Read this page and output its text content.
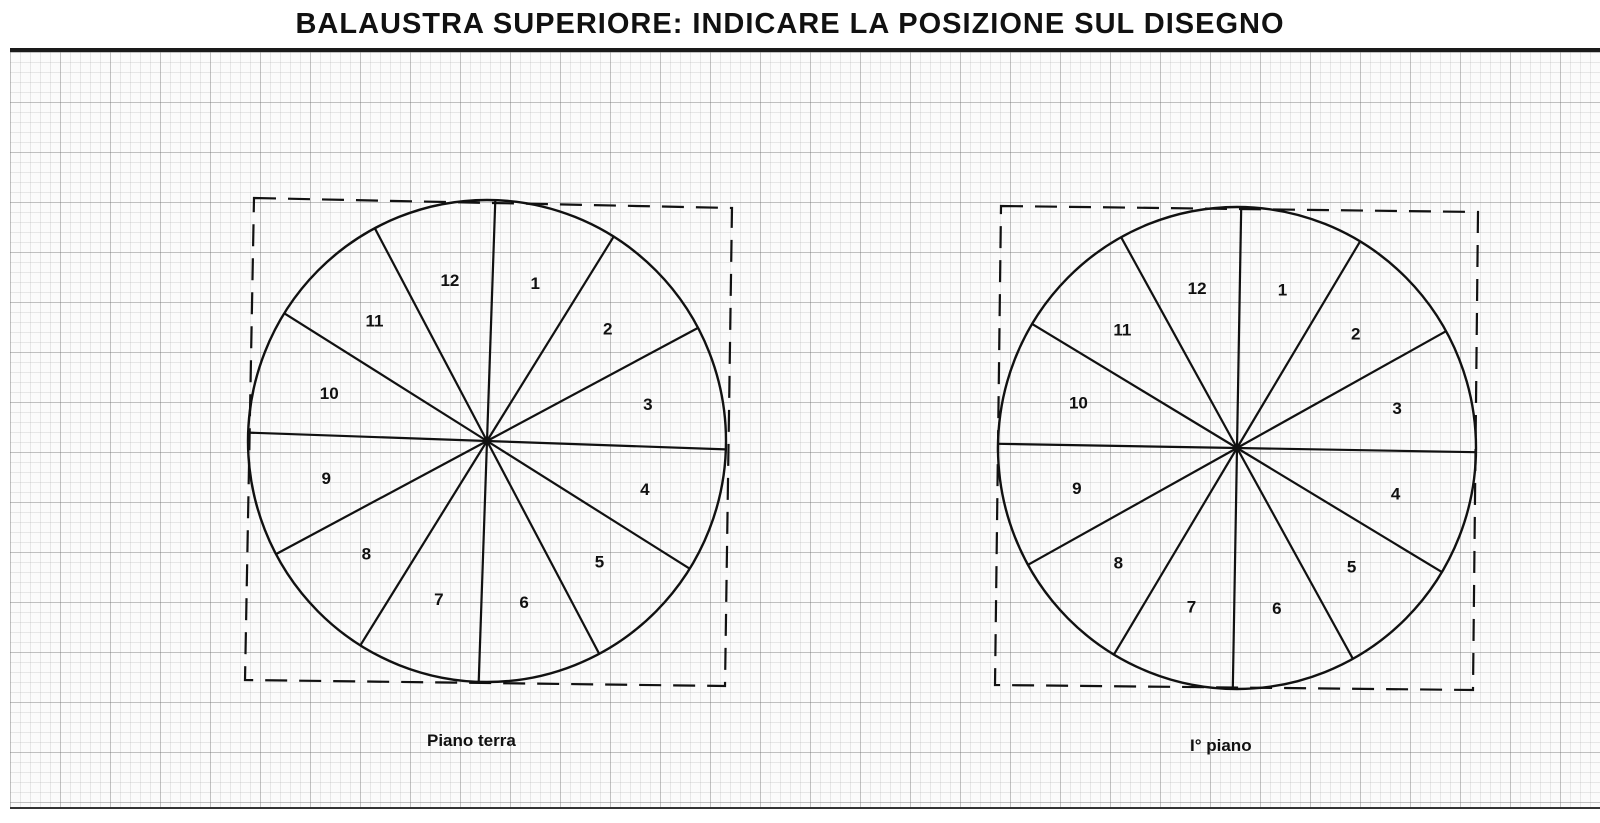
BALAUSTRA SUPERIORE: INDICARE LA POSIZIONE SUL DISEGNO
1
2
3
4
5
6
7
8
9
10
11
12	1
2
3
4
5
6
7
8
9
10
11
12
Piano terra	I° piano
